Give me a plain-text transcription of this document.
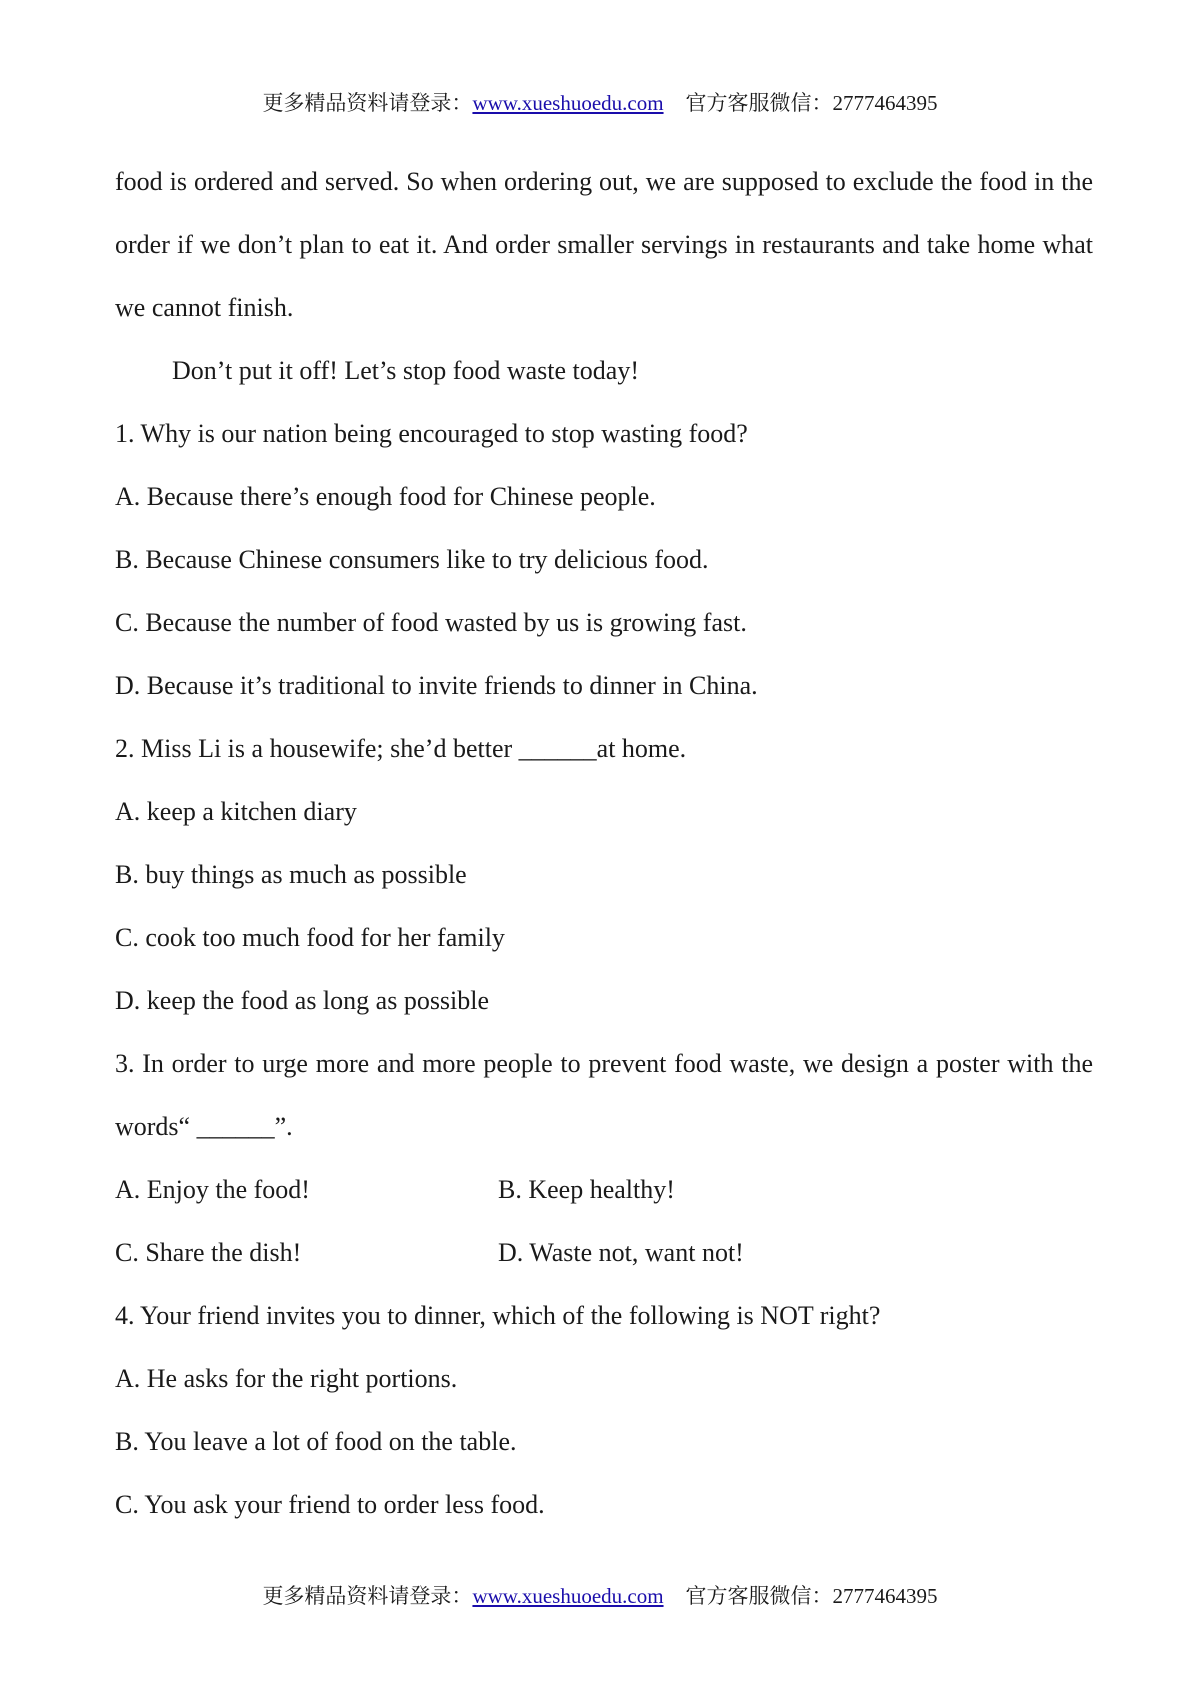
更多精品资料请登录：www.xueshuoedu.com 官方客服微信：2777464395

food is ordered and served. So when ordering out, we are supposed to exclude the food in the order if we don’t plan to eat it. And order smaller servings in restaurants and take home what we cannot finish.

Don’t put it off! Let’s stop food waste today!

1. Why is our nation being encouraged to stop wasting food?

A. Because there’s enough food for Chinese people.

B. Because Chinese consumers like to try delicious food.

C. Because the number of food wasted by us is growing fast.

D. Because it’s traditional to invite friends to dinner in China.

2. Miss Li is a housewife; she’d better ______at home.

A. keep a kitchen diary

B. buy things as much as possible

C. cook too much food for her family

D. keep the food as long as possible

3. In order to urge more and more people to prevent food waste, we design a poster with the words“ ______”.

A. Enjoy the food!	B. Keep healthy!
C. Share the dish!	D. Waste not, want not!

4. Your friend invites you to dinner, which of the following is NOT right?

A. He asks for the right portions.

B. You leave a lot of food on the table.

C. You ask your friend to order less food.

更多精品资料请登录：www.xueshuoedu.com 官方客服微信：2777464395
